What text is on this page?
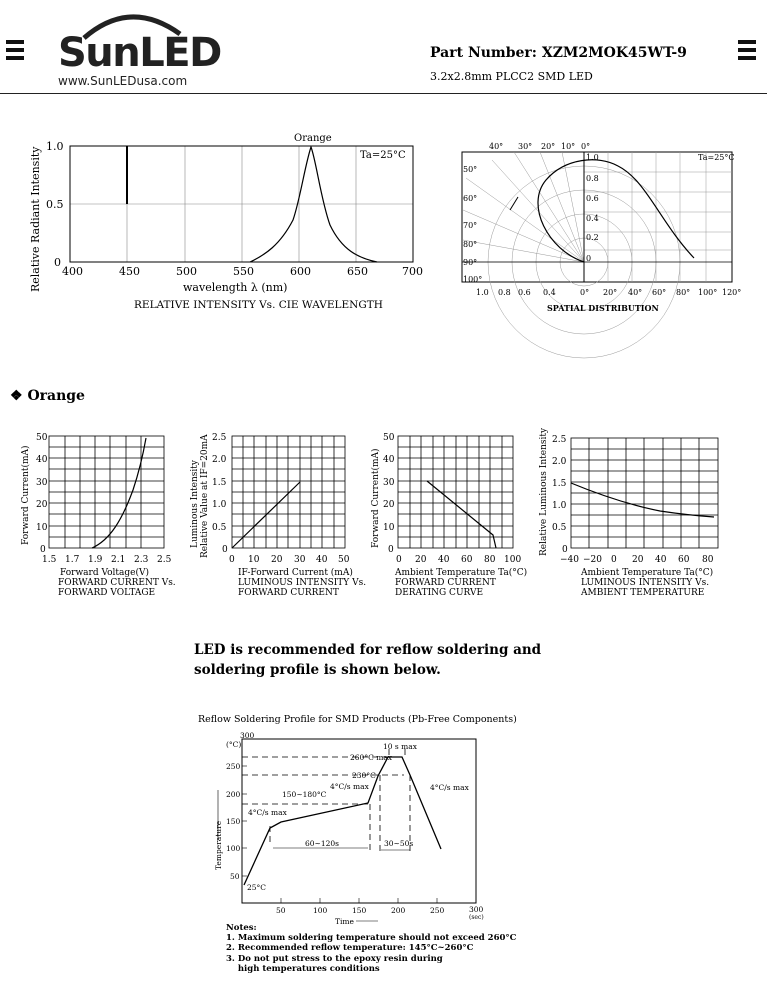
SunLED
www.SunLEDusa.com
Part Number: XZM2MOK45WT-9
3.2x2.8mm PLCC2 SMD LED
Orange
Ta=25°C
1.0
0.5
0
400	450	500	550	600	650	700
wavelength λ (nm)
RELATIVE INTENSITY Vs. CIE WAVELENGTH
Relative Radiant Intensity	Ta=25°C
40° 30° 20° 10° 0°
50°
60°
70°
80°
90°
100°
1.0
0.8
0.6
0.4
0.2
0
1.0 0.8 0.6 0.4	0° 20° 40° 60° 80° 100° 120°
SPATIAL DISTRIBUTION
50
40
30
20
10
0
1.5 1.7 1.9 2.1 2.3 2.5
Forward Voltage(V)
FORWARD CURRENT Vs.
FORWARD VOLTAGE
Forward Current(mA)
2.5
2.0
1.5
1.0
0.5
0
0 10 20 30 40 50
IF-Forward Current (mA)
LUMINOUS INTENSITY Vs.
FORWARD CURRENT
Luminous Intensity Relative Value at IF=20mA	50
40
30
20
10
0
0 20 40 60 80 100
Ambient Temperature Ta(°C)
FORWARD CURRENT
DERATING CURVE
Forward Current(mA)
2.5
2.0
1.5
1.0
0.5
0
−40 −20 0 20 40 60 80
Ambient Temperature Ta(°C)
LUMINOUS INTENSITY Vs.
AMBIENT TEMPERATURE
Relative Luminous Intensity
Reflow Soldering Profile for SMD Products (Pb-Free Components)
300
(°C)
250
200
150
100
50
50	100	150	200	250	300
(sec)
Time
Temperature
10 s max
260°C max
230°C
4°C/s max
150~180°C
4°C/s max
4°C/s max
60~120s	30~50s
25°C
Notes:
1. Maximum soldering temperature should not exceed 260°C
2. Recommended reflow temperature: 145°C~260°C
3. Do not put stress to the epoxy resin during
high temperatures conditions
❖ Orange
LED is recommended for reflow soldering and
soldering profile is shown below.
